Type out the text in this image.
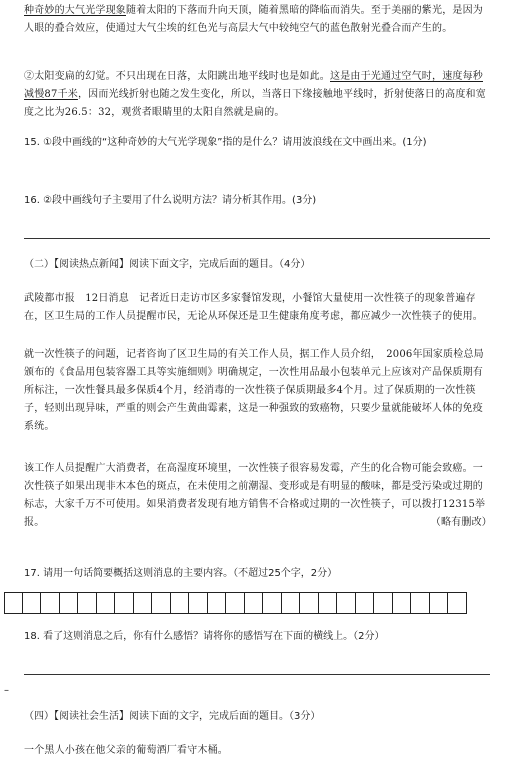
种奇妙的大气光学现象随着太阳的下落而升向天顶，随着黑暗的降临而消失。至于美丽的紫光，是因为人眼的叠合效应，使通过大气尘埃的红色光与高层大气中较纯空气的蓝色散射光叠合而产生的。
②太阳变扁的幻觉。不只出现在日落，太阳跳出地平线时也是如此。这是由于光通过空气时，速度每秒减慢87千米，因而光线折射也随之发生变化，所以，当落日下缘接触地平线时，折射使落日的高度和宽度之比为26.5：32，观赏者眼睛里的太阳自然就是扁的。
15. ①段中画线的“这种奇妙的大气光学现象”指的是什么？请用波浪线在文中画出来。(1分)
16. ②段中画线句子主要用了什么说明方法？请分析其作用。(3分)
（二）【阅读热点新闻】阅读下面文字，完成后面的题目。（4分）
武陵都市报　12日消息　记者近日走访市区多家餐馆发现，小餐馆大量使用一次性筷子的现象普遍存在，区卫生局的工作人员提醒市民，无论从环保还是卫生健康角度考虑，都应减少一次性筷子的使用。
就一次性筷子的问题，记者咨询了区卫生局的有关工作人员，据工作人员介绍，　2006年国家质检总局颁布的《食品用包装容器工具等实施细则》明确规定，一次性用品最小包装单元上应该对产品保质期有所标注，一次性餐具最多保质4个月，经消毒的一次性筷子保质期最多4个月。过了保质期的一次性筷子，轻则出现异味，严重的则会产生黄曲霉素，这是一种强致的致癌物，只要少量就能破坏人体的免疫系统。
该工作人员提醒广大消费者，在高湿度环境里，一次性筷子很容易发霉，产生的化合物可能会致癌。一次性筷子如果出现非木本色的斑点，在未使用之前潮湿、变形或是有明显的酸味，都是受污染或过期的标志，大家千万不可使用。如果消费者发现有地方销售不合格或过期的一次性筷子，可以拨打12315举报。	（略有删改）
17. 请用一句话简要概括这则消息的主要内容。（不超过25个字，2分）
18. 看了这则消息之后，你有什么感悟？请将你的感悟写在下面的横线上。（2分）
–
（四）【阅读社会生活】阅读下面的文字，完成后面的题目。（3分）
一个黑人小孩在他父亲的葡萄酒厂看守木桶。
